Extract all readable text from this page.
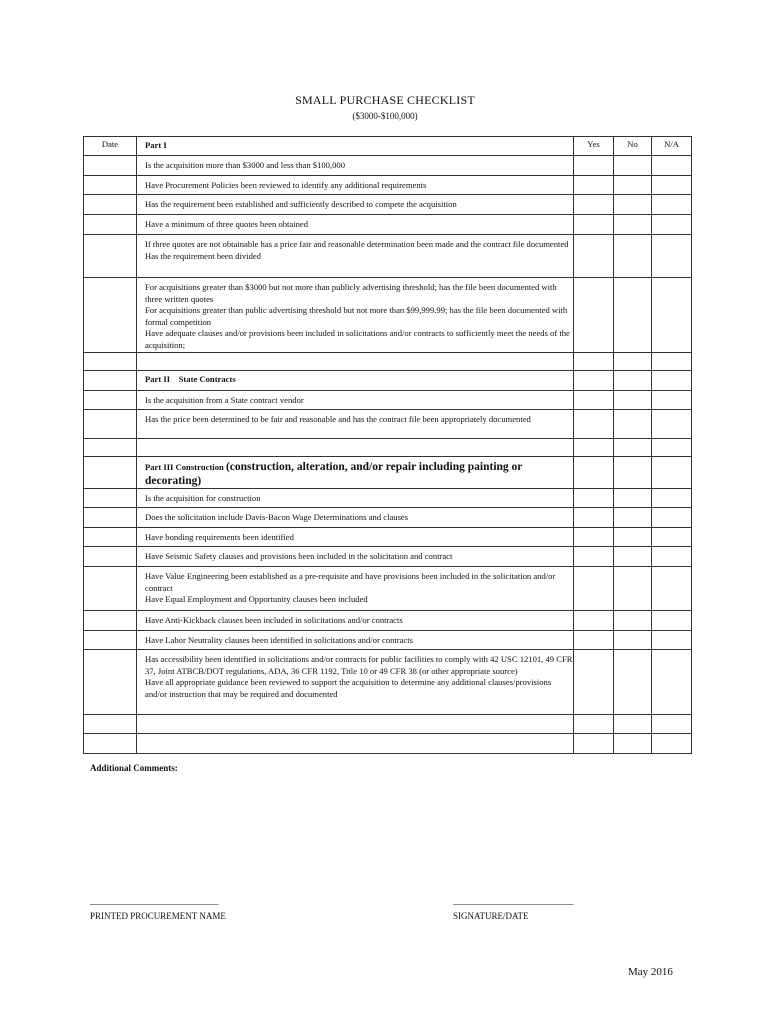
SMALL PURCHASE CHECKLIST
($3000-$100,000)
Date	Part I	Yes	No	N/A
	Is the acquisition more than $3000 and less than $100,000			
	Have Procurement Policies been reviewed to identify any additional requirements			
	Has the requirement been established and sufficiently described to compete the acquisition			
	Have a minimum of three quotes been obtained			

	If three quotes are not obtainable has a price fair and reasonable determination been made and the contract file documented
Has the requirement been divided			

	For acquisitions greater than $3000 but not more than publicly advertising threshold; has the file been documented with three written quotes
For acquisitions greater than public advertising threshold but not more than $99,999.99; has the file been documented with formal competition
Have adequate clauses and/or provisions been included in solicitations and/or contracts to sufficiently meet the needs of the acquisition;			

	Part II    State Contracts			
	Is the acquisition from a State contract vendor			
	Has the price been determined to be fair and reasonable and has the contract file been appropriately documented			

	Part III Construction (construction, alteration, and/or repair including painting or decorating)			
	Is the acquisition for construction			
	Does the solicitation include Davis-Bacon Wage Determinations and clauses			
	Have bonding requirements been identified			
	Have Seismic Safety clauses and provisions been included in the solicitation and contract			

	Have Value Engineering been established as a pre-requisite and have provisions been included in the solicitation and/or contract
Have Equal Employment and Opportunity clauses been included			

	Have Anti-Kickback clauses been included in solicitations and/or contracts			
	Have Labor Neutrality clauses been identified in solicitations and/or contracts			

	Has accessibility been identified in solicitations and/or contracts for public facilities to comply with 42 USC 12101, 49 CFR 37, Joint ATBCB/DOT regulations, ADA, 36 CFR 1192, Title 10 or 49 CFR 38 (or other appropriate source)
Have all appropriate guidance been reviewed to support the acquisition to determine any additional clauses/provisions and/or instruction that may be required and documented			

Additional Comments:
________________________________
PRINTED PROCUREMENT NAME
______________________________
SIGNATURE/DATE
May 2016
